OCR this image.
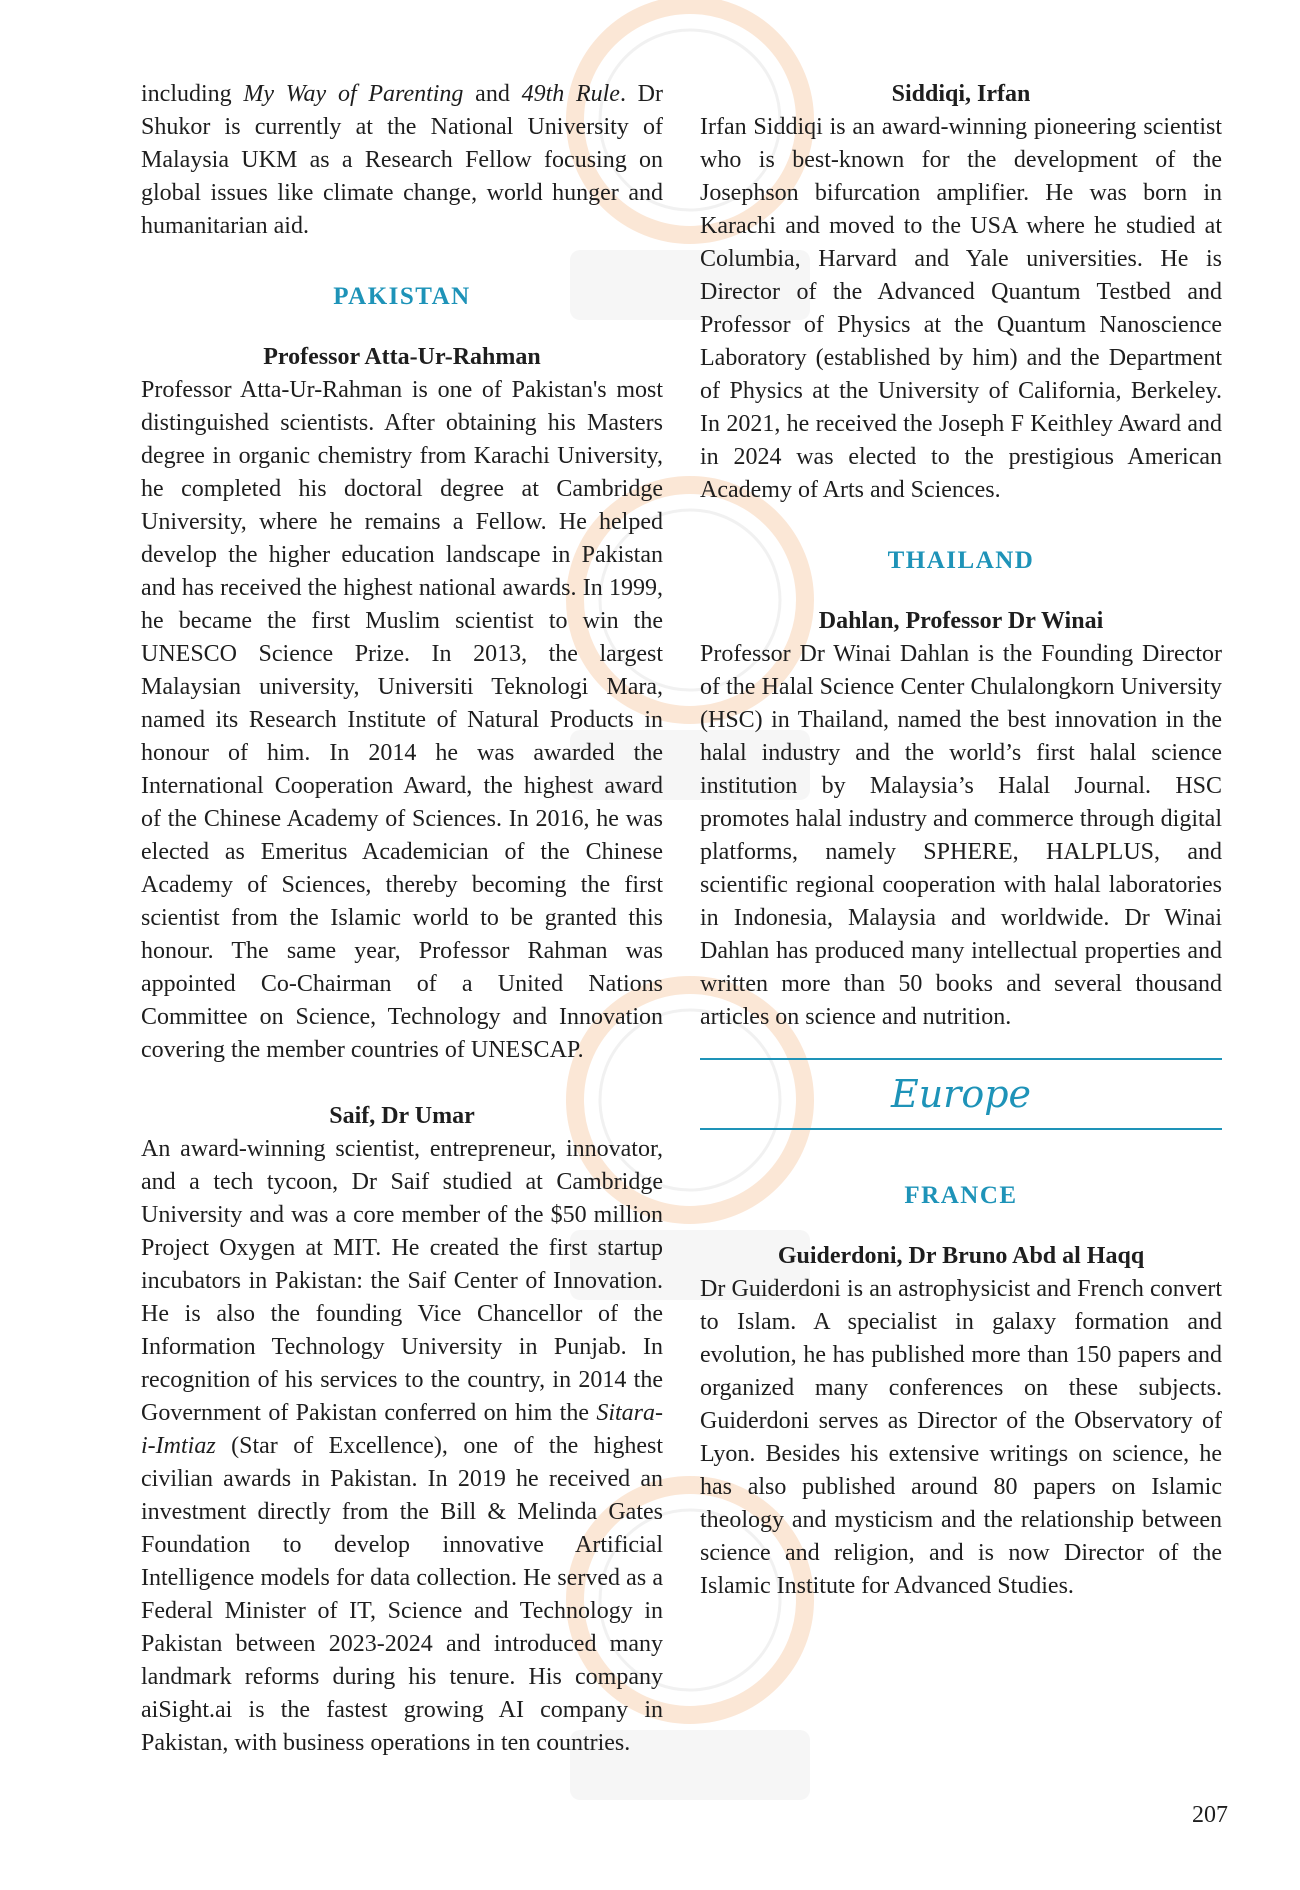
including My Way of Parenting and 49th Rule. Dr Shukor is currently at the National University of Malaysia UKM as a Research Fellow focusing on global issues like climate change, world hunger and humanitarian aid.

PAKISTAN
Professor Atta-Ur-Rahman

Professor Atta-Ur-Rahman is one of Pakistan's most distinguished scientists. After obtaining his Masters degree in organic chemistry from Karachi University, he completed his doctoral degree at Cambridge University, where he remains a Fellow. He helped develop the higher education landscape in Pakistan and has received the highest national awards. In 1999, he became the first Muslim scientist to win the UNESCO Science Prize. In 2013, the largest Malaysian university, Universiti Teknologi Mara, named its Research Institute of Natural Products in honour of him. In 2014 he was awarded the International Cooperation Award, the highest award of the Chinese Academy of Sciences. In 2016, he was elected as Emeritus Academician of the Chinese Academy of Sciences, thereby becoming the first scientist from the Islamic world to be granted this honour. The same year, Professor Rahman was appointed Co-Chairman of a United Nations Committee on Science, Technology and Innovation covering the member countries of UNESCAP.

Saif, Dr Umar

An award-winning scientist, entrepreneur, innovator, and a tech tycoon, Dr Saif studied at Cambridge University and was a core member of the $50 million Project Oxygen at MIT. He created the first startup incubators in Pakistan: the Saif Center of Innovation. He is also the founding Vice Chancellor of the Information Technology University in Punjab. In recognition of his services to the country, in 2014 the Government of Pakistan conferred on him the Sitara-i-Imtiaz (Star of Excellence), one of the highest civilian awards in Pakistan. In 2019 he received an investment directly from the Bill & Melinda Gates Foundation to develop innovative Artificial Intelligence models for data collection. He served as a Federal Minister of IT, Science and Technology in Pakistan between 2023-2024 and introduced many landmark reforms during his tenure. His company aiSight.ai is the fastest growing AI company in Pakistan, with business operations in ten countries.

Siddiqi, Irfan

Irfan Siddiqi is an award-winning pioneering scientist who is best-known for the development of the Josephson bifurcation amplifier. He was born in Karachi and moved to the USA where he studied at Columbia, Harvard and Yale universities. He is Director of the Advanced Quantum Testbed and Professor of Physics at the Quantum Nanoscience Laboratory (established by him) and the Department of Physics at the University of California, Berkeley. In 2021, he received the Joseph F Keithley Award and in 2024 was elected to the prestigious American Academy of Arts and Sciences.

THAILAND
Dahlan, Professor Dr Winai

Professor Dr Winai Dahlan is the Founding Director of the Halal Science Center Chulalongkorn University (HSC) in Thailand, named the best innovation in the halal industry and the world’s first halal science institution by Malaysia’s Halal Journal. HSC promotes halal industry and commerce through digital platforms, namely SPHERE, HALPLUS, and scientific regional cooperation with halal laboratories in Indonesia, Malaysia and worldwide. Dr Winai Dahlan has produced many intellectual properties and written more than 50 books and several thousand articles on science and nutrition.

Europe
FRANCE
Guiderdoni, Dr Bruno Abd al Haqq

Dr Guiderdoni is an astrophysicist and French convert to Islam. A specialist in galaxy formation and evolution, he has published more than 150 papers and organized many conferences on these subjects. Guiderdoni serves as Director of the Observatory of Lyon. Besides his extensive writings on science, he has also published around 80 papers on Islamic theology and mysticism and the relationship between science and religion, and is now Director of the Islamic Institute for Advanced Studies.

207
